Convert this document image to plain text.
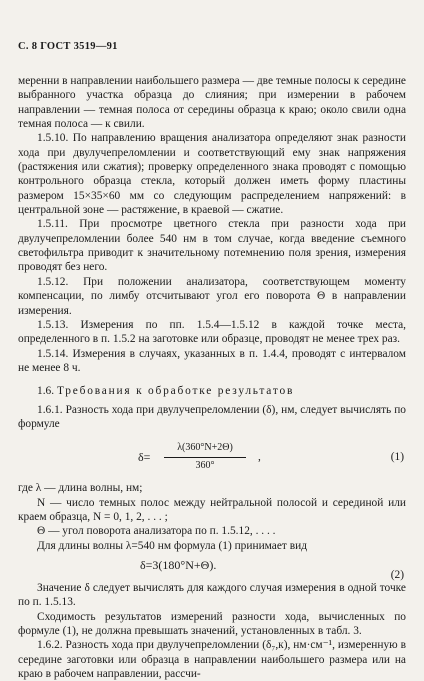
С. 8 ГОСТ 3519—91

меренни в направлении наибольшего размера — две темные полосы к середине выбранного участка образца до слияния; при измерении в рабочем направлении — темная полоса от середины образца к краю; около свили одна темная полоса — к свили.

1.5.10. По направлению вращения анализатора определяют знак разности хода при двулучепреломлении и соответствующий ему знак напряжения (растяжения или сжатия); проверку определенного знака проводят с помощью контрольного образца стекла, который должен иметь форму пластины размером 15×35×60 мм со следующим распределением напряжений: в центральной зоне — растяжение, в краевой — сжатие.

1.5.11. При просмотре цветного стекла при разности хода при двулучепреломлении более 540 нм в том случае, когда введение съемного светофильтра приводит к значительному потемнению поля зрения, измерения проводят без него.

1.5.12. При положении анализатора, соответствующем моменту компенсации, по лимбу отсчитывают угол его поворота Θ в направлении измерения.

1.5.13. Измерения по пп. 1.5.4—1.5.12 в каждой точке места, определенного в п. 1.5.2 на заготовке или образце, проводят не менее трех раз.

1.5.14. Измерения в случаях, указанных в п. 1.4.4, проводят с интервалом не менее 8 ч.

1.6. Требования к обработке результатов

1.6.1. Разность хода при двулучепреломлении (δ), нм, следует вычислять по формуле

$\delta= \frac{\lambda(360^\circ N+2\Theta)}{360^\circ}$ ,	(1)

где λ — длина волны, нм;

N — число темных полос между нейтральной полосой и серединой или краем образца, N = 0, 1, 2, . . . ;

Θ — угол поворота анализатора по п. 1.5.12, . . . .

Для длины волны λ=540 нм формула (1) принимает вид

δ=3(180°N+Θ).
(2)

Значение δ следует вычислять для каждого случая измерения в одной точке по п. 1.5.13.

Сходимость результатов измерений разности хода, вычисленных по формуле (1), не должна превышать значений, установленных в табл. 3.

1.6.2. Разность хода при двулучепреломлении (δ₇,к), нм·см⁻¹, измеренную в середине заготовки или образца в направлении наибольшего размера или на краю в рабочем направлении, рассчи-
